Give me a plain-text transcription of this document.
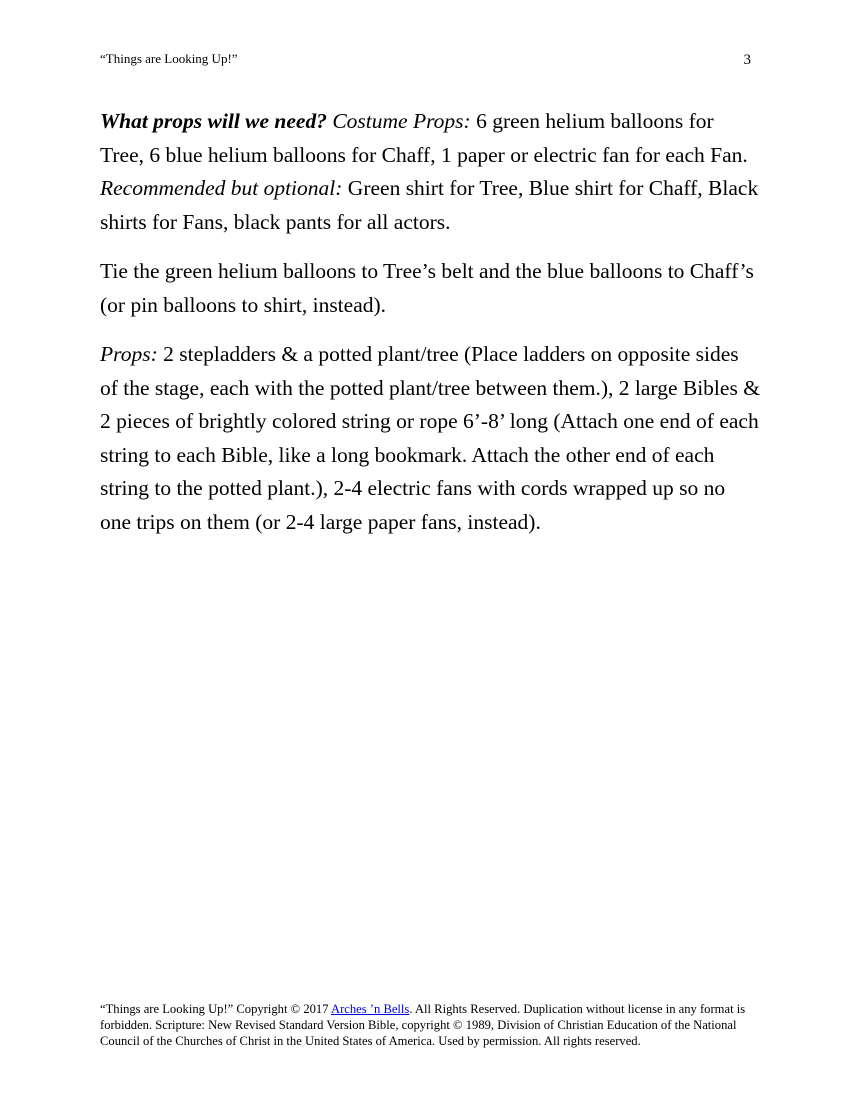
“Things are Looking Up!”	3

What props will we need? Costume Props: 6 green helium balloons for Tree, 6 blue helium balloons for Chaff, 1 paper or electric fan for each Fan. Recommended but optional: Green shirt for Tree, Blue shirt for Chaff, Black shirts for Fans, black pants for all actors.

Tie the green helium balloons to Tree’s belt and the blue balloons to Chaff’s (or pin balloons to shirt, instead).

Props: 2 stepladders & a potted plant/tree (Place ladders on opposite sides of the stage, each with the potted plant/tree between them.), 2 large Bibles & 2 pieces of brightly colored string or rope 6’-8’ long (Attach one end of each string to each Bible, like a long bookmark. Attach the other end of each string to the potted plant.), 2-4 electric fans with cords wrapped up so no one trips on them (or 2-4 large paper fans, instead).

“Things are Looking Up!” Copyright © 2017 Arches ’n Bells. All Rights Reserved. Duplication without license in any format is forbidden. Scripture: New Revised Standard Version Bible, copyright © 1989, Division of Christian Education of the National Council of the Churches of Christ in the United States of America. Used by permission. All rights reserved.
